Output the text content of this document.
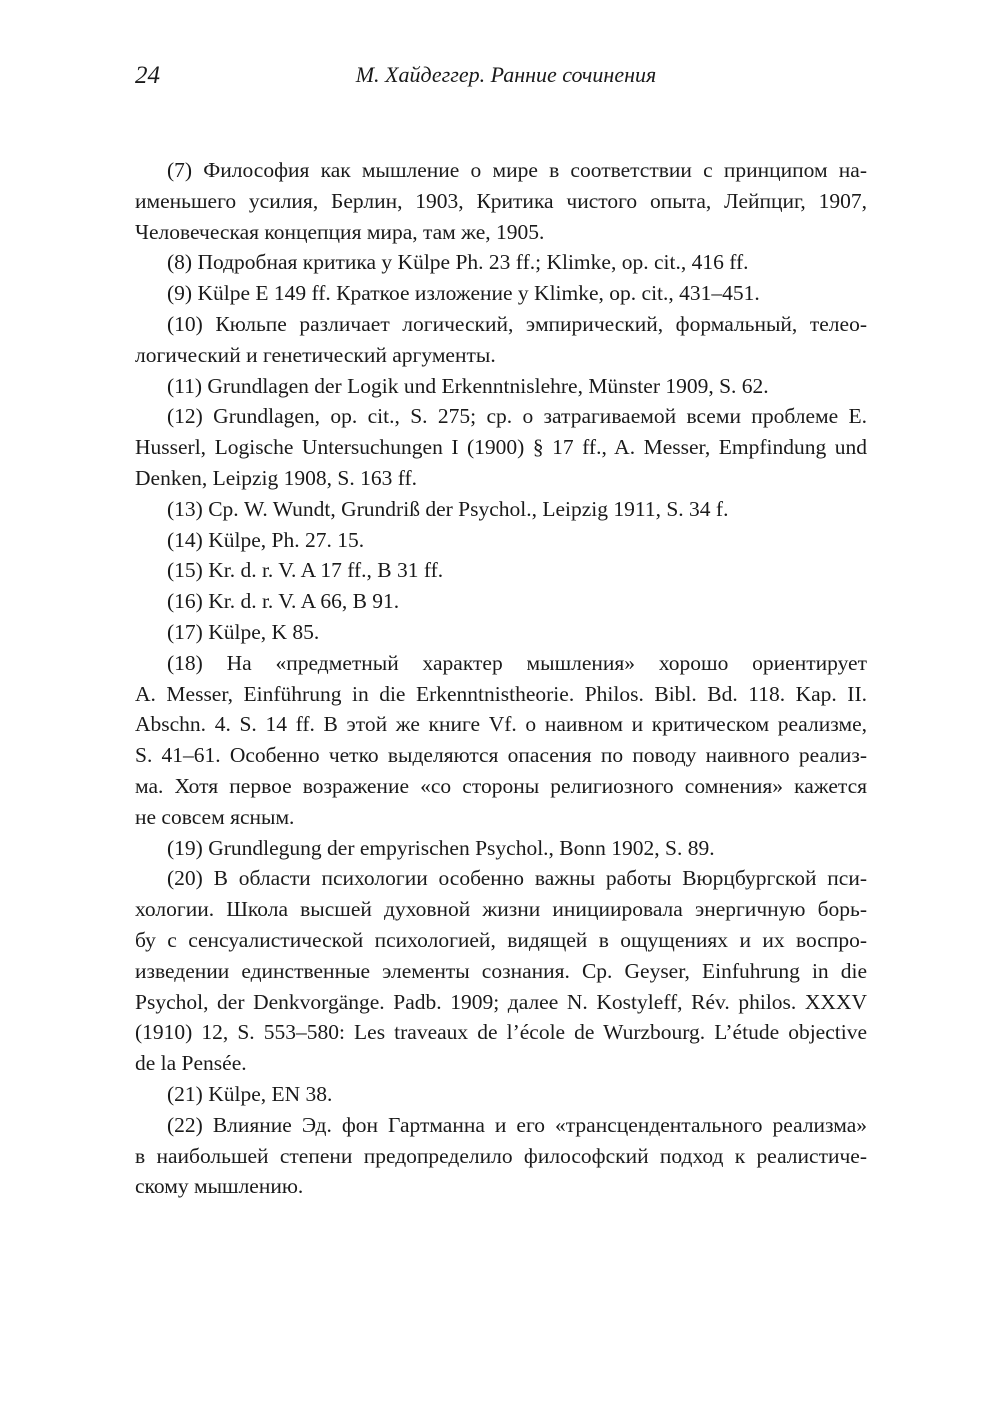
24	М. Хайдеггер. Ранние сочинения
(7) Философия как мышление о мире в соответствии с принципом на-
именьшего усилия, Берлин, 1903, Критика чистого опыта, Лейпциг, 1907,
Человеческая концепция мира, там же, 1905.
(8) Подробная критика у Külpe Ph. 23 ff.; Klimke, op. cit., 416 ff.
(9) Külpe E 149 ff. Краткое изложение у Klimke, op. cit., 431–451.
(10) Кюльпе различает логический, эмпирический, формальный, телео-
логический и генетический аргументы.
(11) Grundlagen der Logik und Erkenntnislehre, Münster 1909, S. 62.
(12) Grundlagen, op. cit., S. 275; ср. о затрагиваемой всеми проблеме E.
Husserl, Logische Untersuchungen I (1900) § 17 ff., A. Messer, Empfindung und
Denken, Leipzig 1908, S. 163 ff.
(13) Ср. W. Wundt, Grundriß der Psychol., Leipzig 1911, S. 34 f.
(14) Külpe, Ph. 27. 15.
(15) Kr. d. r. V. A 17 ff., B 31 ff.
(16) Kr. d. r. V. A 66, B 91.
(17) Külpe, K 85.
(18) На «предметный характер мышления» хорошо ориентирует
A. Messer, Einführung in die Erkenntnistheorie. Philos. Bibl. Bd. 118. Kap. II.
Abschn. 4. S. 14 ff. В этой же книге Vf. о наивном и критическом реализме,
S. 41–61. Особенно четко выделяются опасения по поводу наивного реализ-
ма. Хотя первое возражение «со стороны религиозного сомнения» кажется
не совсем ясным.
(19) Grundlegung der empyrischen Psychol., Bonn 1902, S. 89.
(20) В области психологии особенно важны работы Вюрцбургской пси-
хологии. Школа высшей духовной жизни инициировала энергичную борь-
бу с сенсуалистической психологией, видящей в ощущениях и их воспро-
изведении единственные элементы сознания. Ср. Geyser, Einfuhrung in die
Psychol, der Denkvorgänge. Padb. 1909; далее N. Kostyleff, Rév. philos. XXXV
(1910) 12, S. 553–580: Les traveaux de l’école de Wurzbourg. L’étude objective
de la Pensée.
(21) Külpe, EN 38.
(22) Влияние Эд. фон Гартманна и его «трансцендентального реализма»
в наибольшей степени предопределило философский подход к реалистиче-
скому мышлению.
